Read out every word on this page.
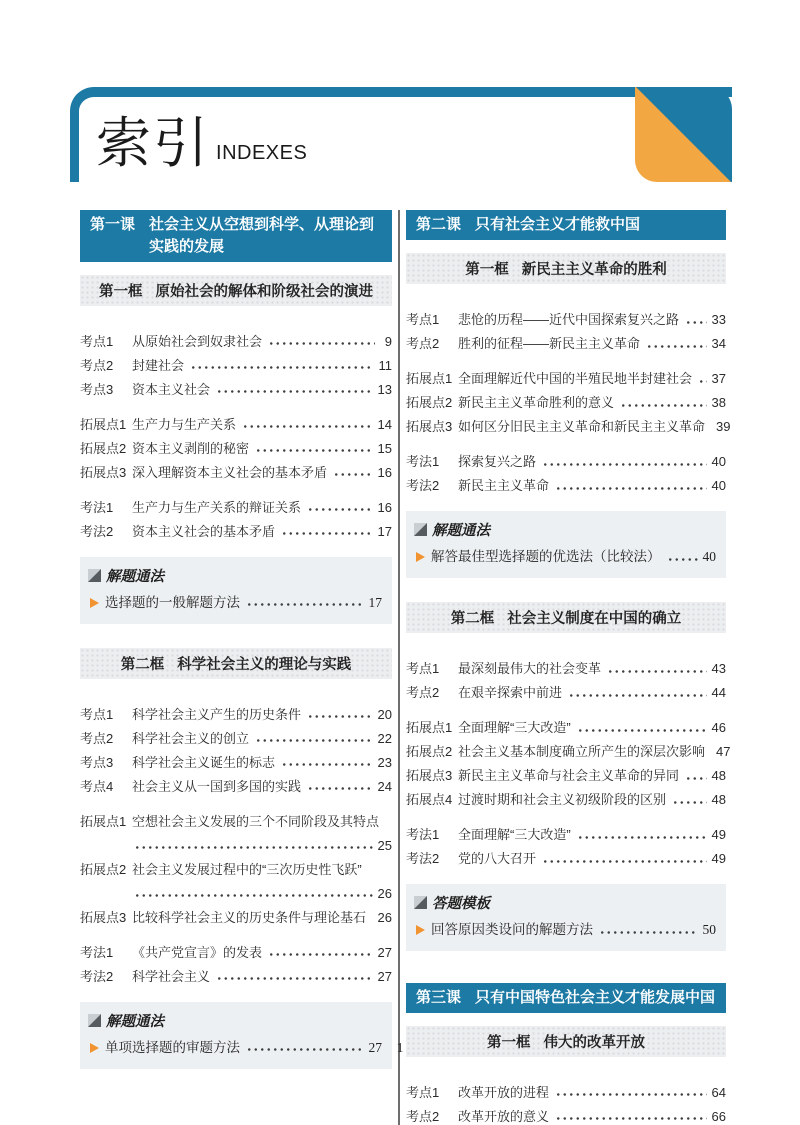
索引 INDEXES
第一课 社会主义从空想到科学、从理论到实践的发展
第一框 原始社会的解体和阶级社会的演进
考点1	从原始社会到奴隶社会	9
考点2	封建社会	11
考点3	资本主义社会	13
拓展点1 生产力与生产关系	14
拓展点2 资本主义剥削的秘密	15
拓展点3 深入理解资本主义社会的基本矛盾	16
考法1	生产力与生产关系的辩证关系	16
考法2	资本主义社会的基本矛盾	17
解题通法
选择题的一般解题方法	17
第二框 科学社会主义的理论与实践
考点1	科学社会主义产生的历史条件	20
考点2	科学社会主义的创立	22
考点3	科学社会主义诞生的标志	23
考点4	社会主义从一国到多国的实践	24
拓展点1 空想社会主义发展的三个不同阶段及其特点
25
拓展点2 社会主义发展过程中的“三次历史性飞跃”
26
拓展点3 比较科学社会主义的历史条件与理论基石 26
考法1	《共产党宣言》的发表	27
考法2	科学社会主义	27
解题通法
单项选择题的审题方法	27
第二课 只有社会主义才能救中国
第一框 新民主主义革命的胜利
考点1	悲怆的历程——近代中国探索复兴之路	33
考点2	胜利的征程——新民主主义革命	34
拓展点1 全面理解近代中国的半殖民地半封建社会 37
拓展点2 新民主主义革命胜利的意义	38
拓展点3 如何区分旧民主主义革命和新民主主义革命 39
考法1	探索复兴之路	40
考法2	新民主主义革命	40
解题通法
解答最佳型选择题的优选法（比较法）	40
第二框 社会主义制度在中国的确立
考点1	最深刻最伟大的社会变革	43
考点2	在艰辛探索中前进	44
拓展点1 全面理解“三大改造”	46
拓展点2 社会主义基本制度确立所产生的深层次影响 47
拓展点3 新民主主义革命与社会主义革命的异同	48
拓展点4 过渡时期和社会主义初级阶段的区别	48
考法1	全面理解“三大改造”	49
考法2	党的八大召开	49
答题模板
回答原因类设问的解题方法	50
第三课 只有中国特色社会主义才能发展中国
第一框 伟大的改革开放
考点1	改革开放的进程	64
考点2	改革开放的意义	66
1
